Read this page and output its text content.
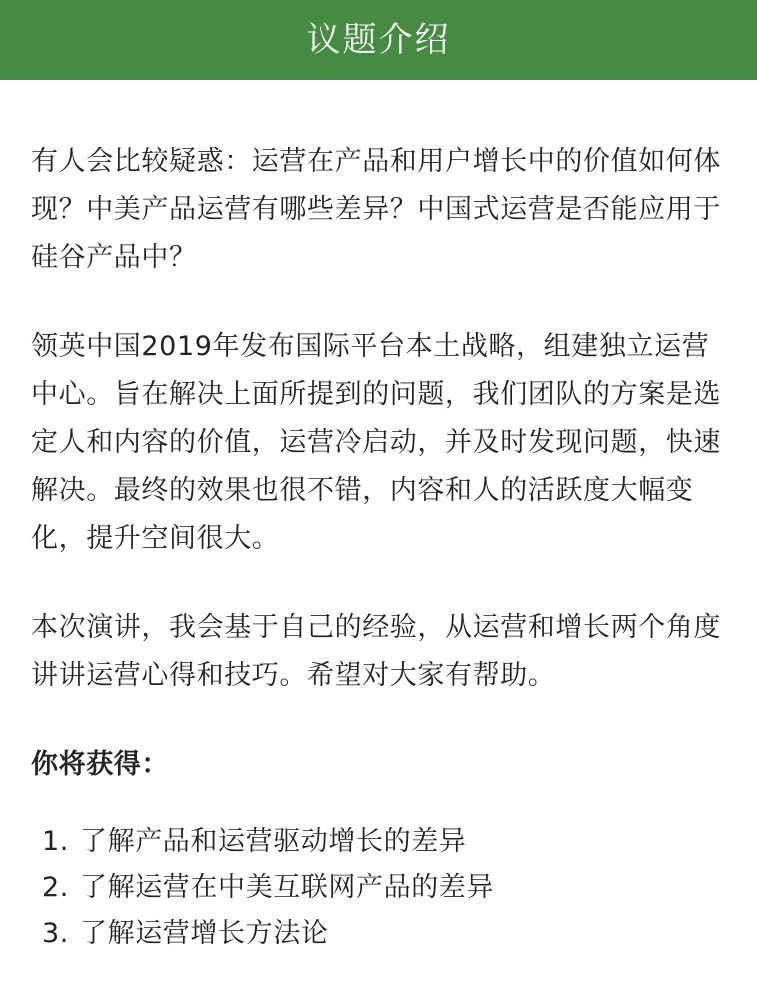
议题介绍

有人会比较疑惑：运营在产品和用户增长中的价值如何体现？中美产品运营有哪些差异？中国式运营是否能应用于硅谷产品中？

领英中国2019年发布国际平台本土战略，组建独立运营中心。旨在解决上面所提到的问题，我们团队的方案是选定人和内容的价值，运营冷启动，并及时发现问题，快速解决。最终的效果也很不错，内容和人的活跃度大幅变化，提升空间很大。

本次演讲，我会基于自己的经验，从运营和增长两个角度讲讲运营心得和技巧。希望对大家有帮助。

你将获得：
1. 了解产品和运营驱动增长的差异
2. 了解运营在中美互联网产品的差异
3. 了解运营增长方法论
